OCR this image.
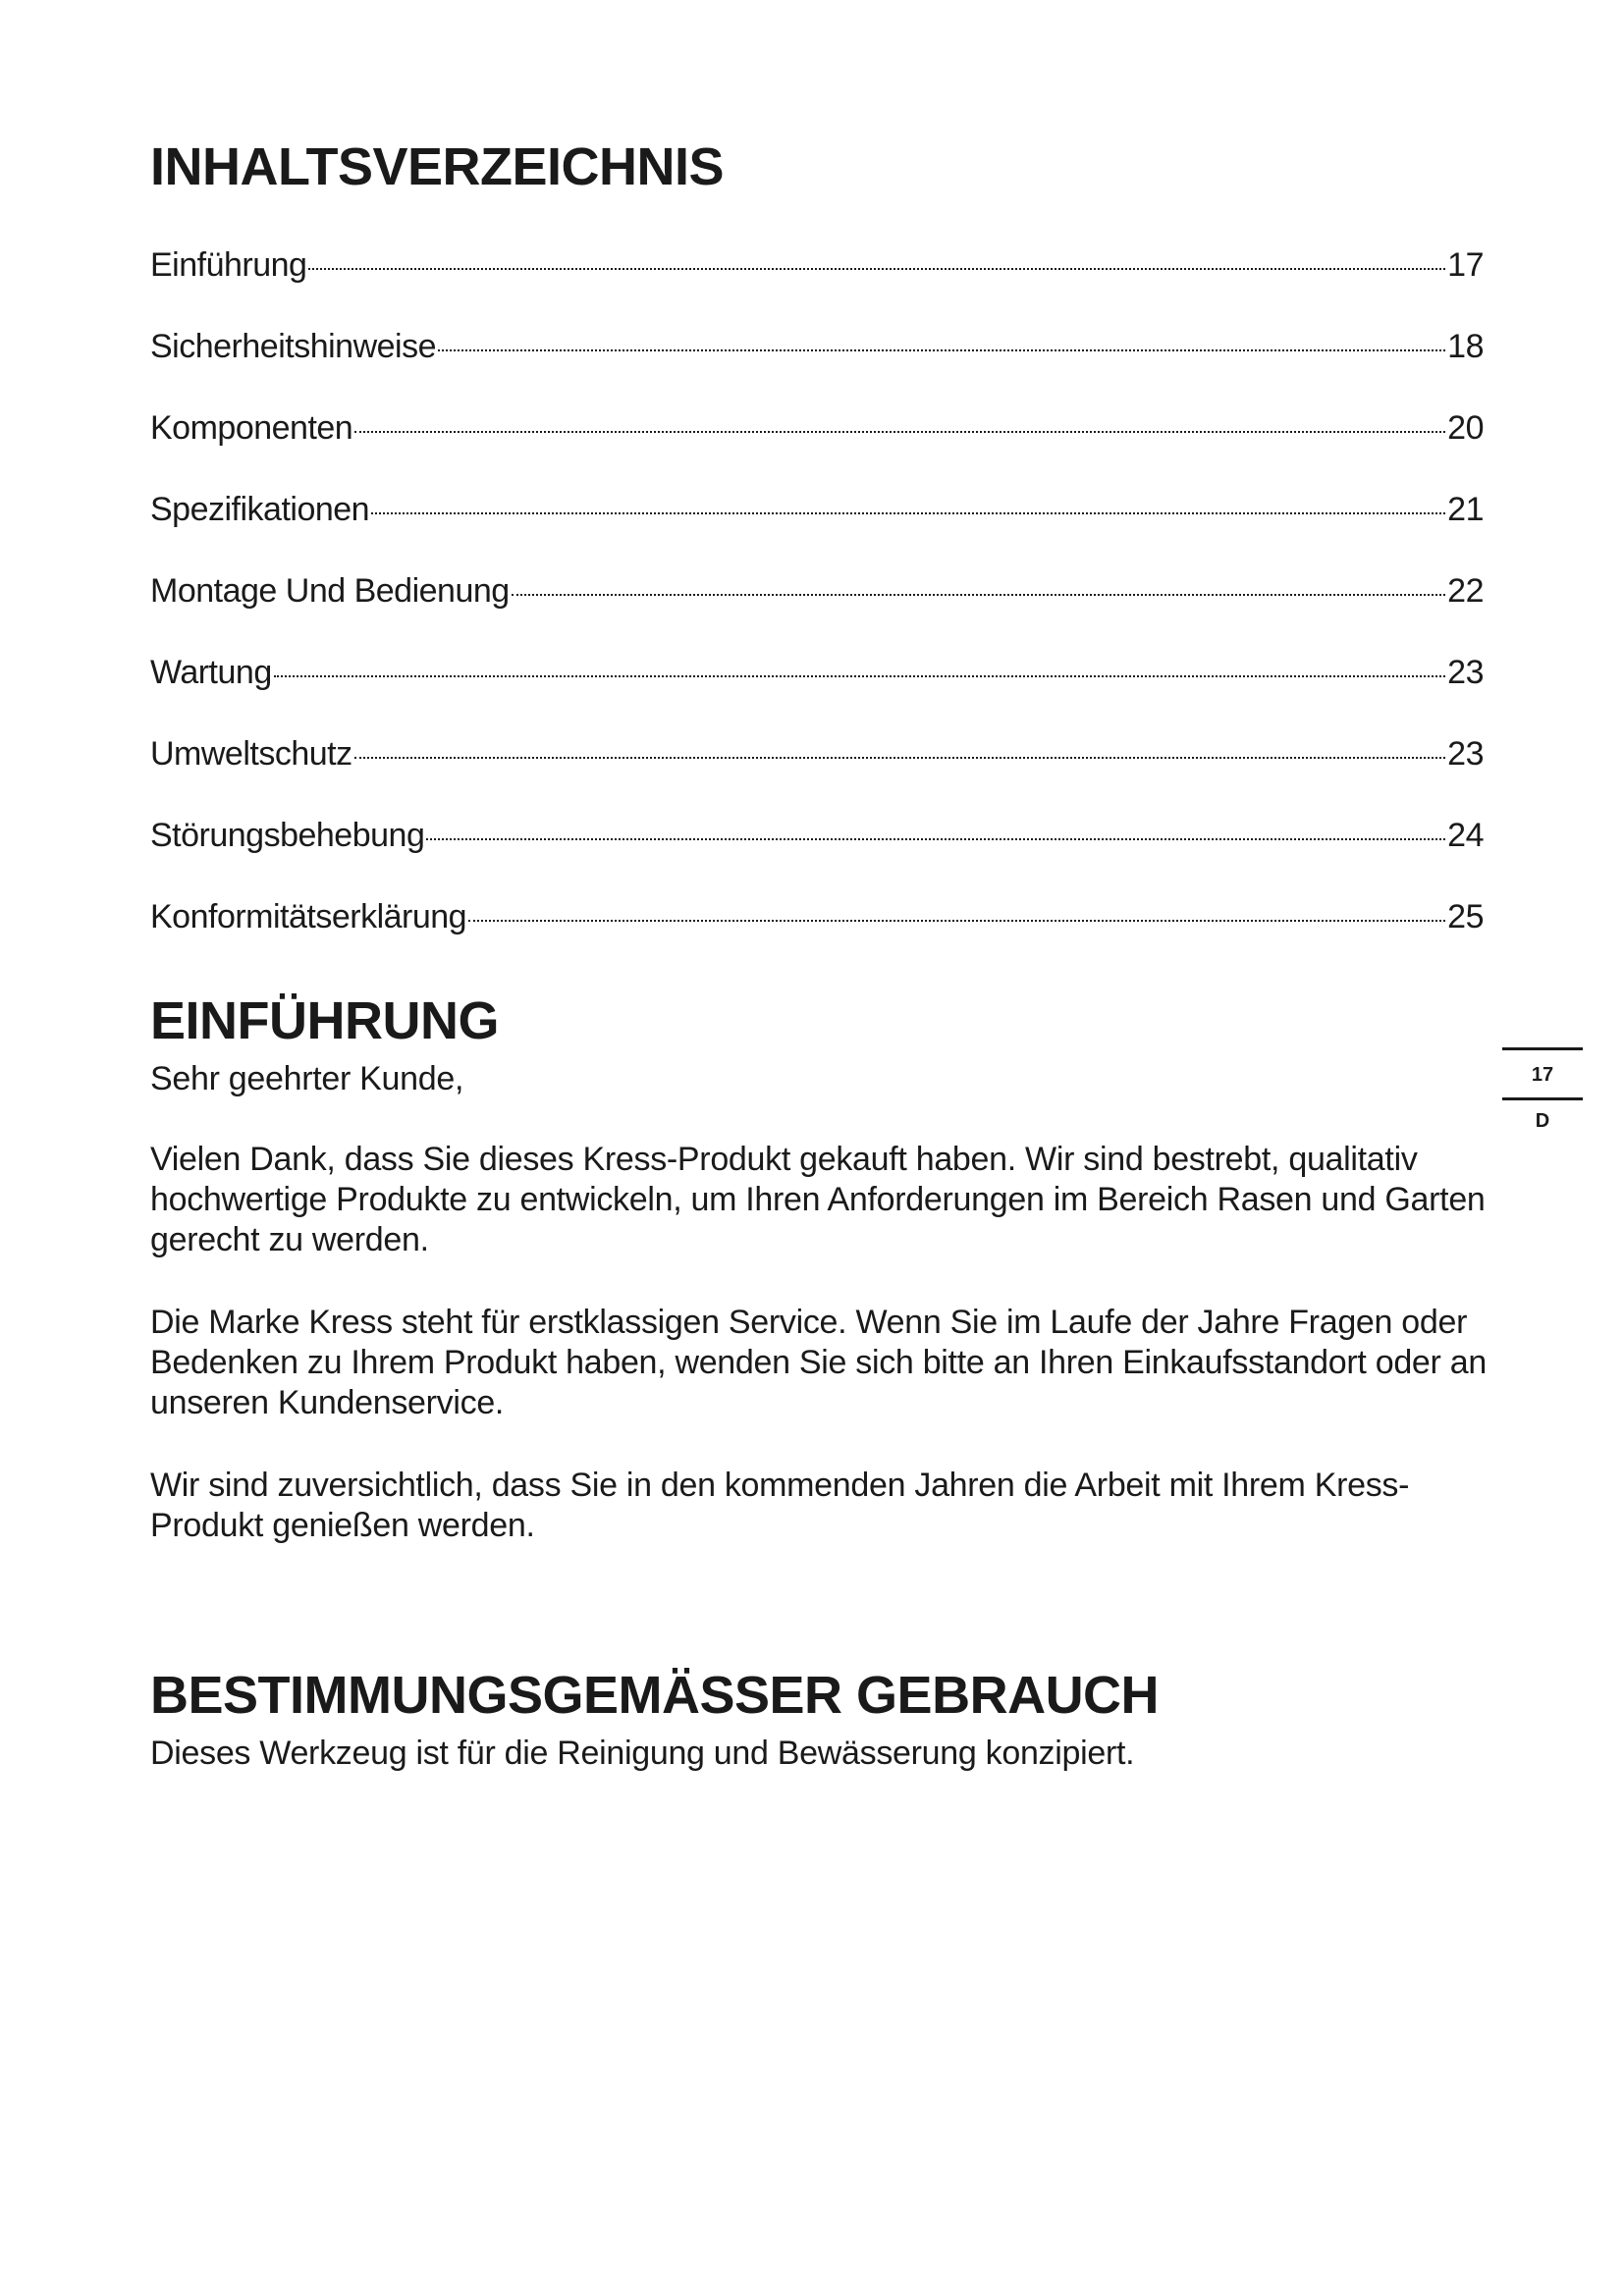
INHALTSVERZEICHNIS
Einführung	17
Sicherheitshinweise	18
Komponenten	20
Spezifikationen	21
Montage Und Bedienung	22
Wartung	23
Umweltschutz	23
Störungsbehebung	24
Konformitätserklärung	25
EINFÜHRUNG

Sehr geehrter Kunde,

Vielen Dank, dass Sie dieses Kress-Produkt gekauft haben. Wir sind bestrebt, qualitativ hochwertige Produkte zu entwickeln, um Ihren Anforderungen im Bereich Rasen und Garten gerecht zu werden.

Die Marke Kress steht für erstklassigen Service. Wenn Sie im Laufe der Jahre Fragen oder Bedenken zu Ihrem Produkt haben, wenden Sie sich bitte an Ihren Einkaufsstandort oder an unseren Kundenservice.

Wir sind zuversichtlich, dass Sie in den kommenden Jahren die Arbeit mit Ihrem Kress-Produkt genießen werden.

BESTIMMUNGSGEMÄSSER GEBRAUCH

Dieses Werkzeug ist für die Reinigung und Bewässerung konzipiert.

17
D
